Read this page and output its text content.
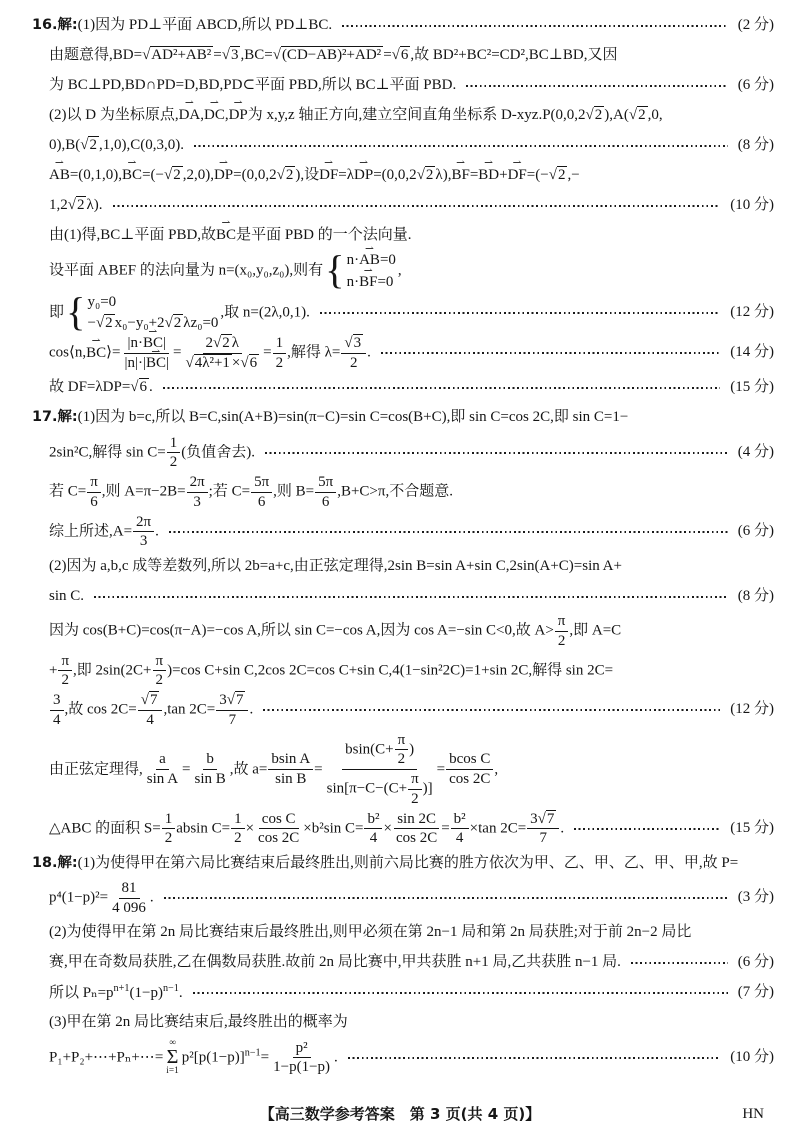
16.解:(1)因为 PD⊥平面 ABCD,所以 PD⊥BC.	(2 分)
由题意得,BD=√AD²+AB² =√3 ,BC=√(CD−AB)²+AD² =√6 ,故 BD²+BC²=CD²,BC⊥BD,又因
为 BC⊥PD,BD∩PD=D,BD,PD⊂平面 PBD,所以 BC⊥平面 PBD.	(6 分)
(2)以 D 为坐标原点,DA ⇀,DC ⇀,DP ⇀为 x,y,z 轴正方向,建立空间直角坐标系 D-xyz.P(0,0,2√2 ),A(√2 ,0,
0),B(√2 ,1,0),C(0,3,0).	(8 分)
AB ⇀=(0,1,0),BC ⇀=(−√2 ,2,0),DP ⇀=(0,0,2√2 ),设DF ⇀=λDP ⇀=(0,0,2√2 λ),BF ⇀=BD ⇀+DF ⇀=(−√2 ,−
1,2√2 λ).	(10 分)
由(1)得,BC⊥平面 PBD,故BC ⇀是平面 PBD 的一个法向量.
设平面 ABEF 的法向量为 n=(x₀,y₀,z₀),则有 { n·AB ⇀=0
n·BF ⇀=0
,
即 { y₀=0
−√2 x₀−y₀+2√2 λz₀=0
,取 n=(2λ,0,1).	(12 分)
cos⟨n,BC ⇀⟩= $\frac{|n\cdot BC ⇀|}{|n|\cdot|BC ⇀|} = \frac{2√2 \lambda}{\text{√4λ²+1 ×√6}} = \frac{1}{2}$ ,解得 $\lambda= \frac{√3}{2}$ .	(14 分)
故 DF=λDP=√6 .	(15 分)
17.解:(1)因为 b=c,所以 B=C,sin(A+B)=sin(π−C)=sin C=cos(B+C),即 sin C=cos 2C,即 sin C=1−
2sin²C,解得 $\sin C= \frac{1}{2}$ (负值舍去).	(4 分)
若 $C= \frac{\pi}{6}$ ,则 $A=\pi-2B= \frac{2\pi}{3}$ ;若 $C= \frac{5\pi}{6}$ ,则 $B= \frac{5\pi}{6} ,B+C>\pi$,不合题意.
综上所述$,A= \frac{2\pi}{3}$ .	(6 分)
(2)因为 a,b,c 成等差数列,所以 2b=a+c,由正弦定理得,2sin B=sin A+sin C,2sin(A+C)=sin A+
sin C.	(8 分)
因为 cos(B+C)=cos(π−A)=−cos A,所以 sin C=−cos A,因为 cos A=−sin C<0,故 $A> \frac{\pi}{2}$ ,即 A=C
+ $\frac{\pi}{2}$ ,即 $2\sin(2C+ \frac{\pi}{2} )=\cos$ C+sin C,2cos 2C=cos C+sin C,4(1−sin²2C)=1+sin 2C,解得 sin 2C=
$\frac{3}{4}$ ,故 $\cos 2C= \frac{√7}{4} ,\tan$ $2C= \frac{3√7}{7}$ .	(12 分)
由正弦定理得, $\frac{a}{\text{sin A}} = \frac{b}{\text{sin B}}$ ,故 $a= \frac{\text{bsin A}}{\text{sin B}} = \frac{bsin(C+ \frac{\pi}{2} )}{\sin[\pi-C-(C+ \frac{\pi}{2} )]} = \frac{\text{bcos C}}{\cos 2C}$ ,
△ABC 的面积 $S= \frac{1}{2}$ absin $C= \frac{1}{2} \times \frac{\text{cos C}}{\cos 2C} \times b^2\sin$ $C= \frac{\text{b²}}{4} \times \frac{\sin 2C}{\cos 2C} = \frac{\text{b²}}{4} \times\tan$ $2C= \frac{3√7}{7}$ .	(15 分)
18.解:(1)为使得甲在第六局比赛结束后最终胜出,则前六局比赛的胜方依次为甲、乙、甲、乙、甲、甲,故 P=
$p^4(1-p)^2= \frac{81}{4 096}$ .	(3 分)
(2)为使得甲在第 2n 局比赛结束后最终胜出,则甲必须在第 2n−1 局和第 2n 局获胜;对于前 2n−2 局比
赛,甲在奇数局获胜,乙在偶数局获胜.故前 2n 局比赛中,甲共获胜 n+1 局,乙共获胜 n−1 局.	(6 分)
所以 $P_n=p^{n+1}(1-p)^{n-1}$.	(7 分)
(3)甲在第 2n 局比赛结束后,最终胜出的概率为
P₁+P₂+⋯+Pₙ+⋯=
∞
Σ
i=1
$p^2[p(1-p)]^{n-1}= \frac{\text{p²}}{1-p(1-p)}$ .	(10 分)
【高三数学参考答案　第 3 页(共 4 页)】	HN
